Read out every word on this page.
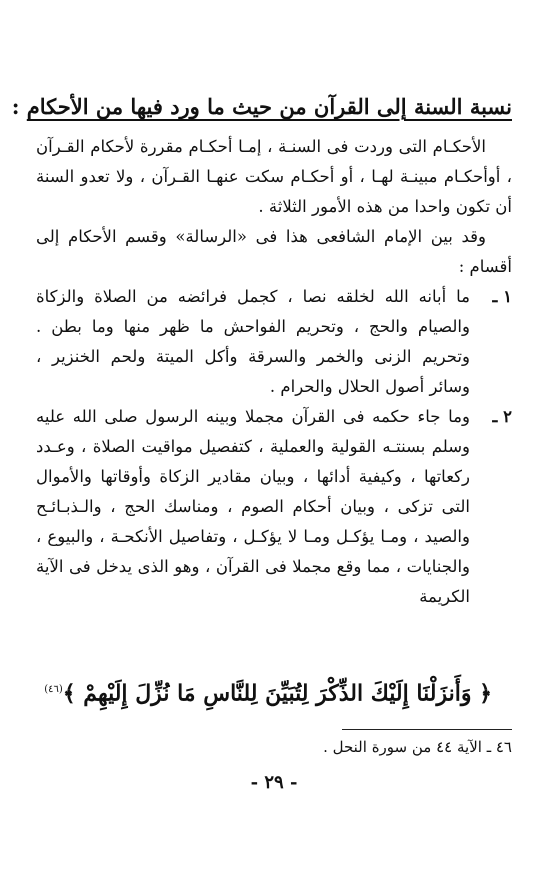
نسبة السنة إلى القرآن من حيث ما ورد فيها من الأحكام :

الأحكـام التى وردت فى السنـة ، إمـا أحكـام مقررة لأحكام القـرآن ، أوأحكـام مبينـة لهـا ، أو أحكـام سكت عنهـا القـرآن ، ولا تعدو السنة أن تكون واحدا من هذه الأمور الثلاثة .

وقد بين الإمام الشافعى هذا فى «الرسالة» وقسم الأحكام إلى أقسام :

١ ـ
ما أبانه الله لخلقه نصا ، كجمل فرائضه من الصلاة والزكاة والصيام والحج ، وتحريم الفواحش ما ظهر منها وما بطن . وتحريم الزنى والخمر والسرقة وأكل الميتة ولحم الخنزير ، وسائر أصول الحلال والحرام .
٢ ـ
وما جاء حكمه فى القرآن مجملا وبينه الرسول صلى الله عليه وسلم بسنتـه القولية والعملية ، كتفصيل مواقيت الصلاة ، وعـدد ركعاتها ، وكيفية أدائها ، وبيان مقادير الزكاة وأوقاتها والأموال التى تزكى ، وبيان أحكام الصوم ، ومناسك الحج ، والـذبـائـح والصيد ، ومـا يؤكـل ومـا لا يؤكـل ، وتفاصيل الأنكحـة ، والبيوع ، والجنايات ، مما وقع مجملا فى القرآن ، وهو الذى يدخل فى الآية الكريمة
﴿ وَأَنزَلْنَا إِلَيْكَ الذِّكْرَ لِتُبَيِّنَ لِلنَّاسِ مَا نُزِّلَ إِلَيْهِمْ ﴾$^{(٤٦)}$
٤٦ ـ الآية ٤٤ من سورة النحل .
- ٢٩ -
